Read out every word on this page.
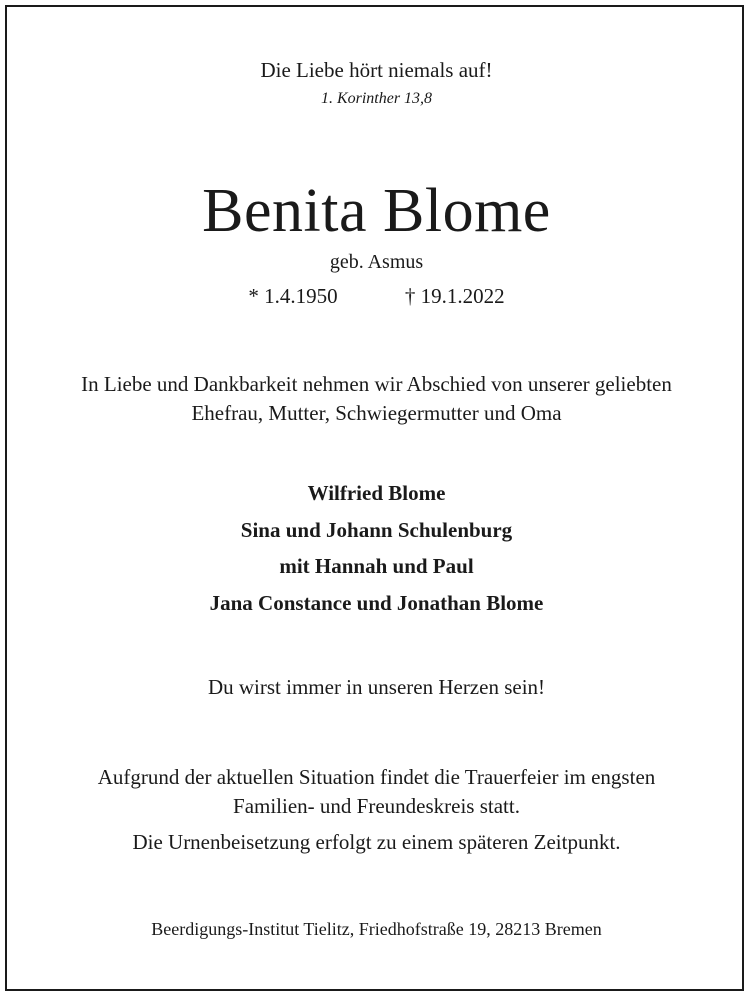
Die Liebe hört niemals auf!
1. Korinther 13,8
Benita Blome
geb. Asmus
* 1.4.1950	† 19.1.2022
In Liebe und Dankbarkeit nehmen wir Abschied von unserer geliebten
Ehefrau, Mutter, Schwiegermutter und Oma
Wilfried Blome
Sina und Johann Schulenburg
mit Hannah und Paul
Jana Constance und Jonathan Blome
Du wirst immer in unseren Herzen sein!
Aufgrund der aktuellen Situation findet die Trauerfeier im engsten
Familien- und Freundeskreis statt.
Die Urnenbeisetzung erfolgt zu einem späteren Zeitpunkt.
Beerdigungs-Institut Tielitz, Friedhofstraße 19, 28213 Bremen
